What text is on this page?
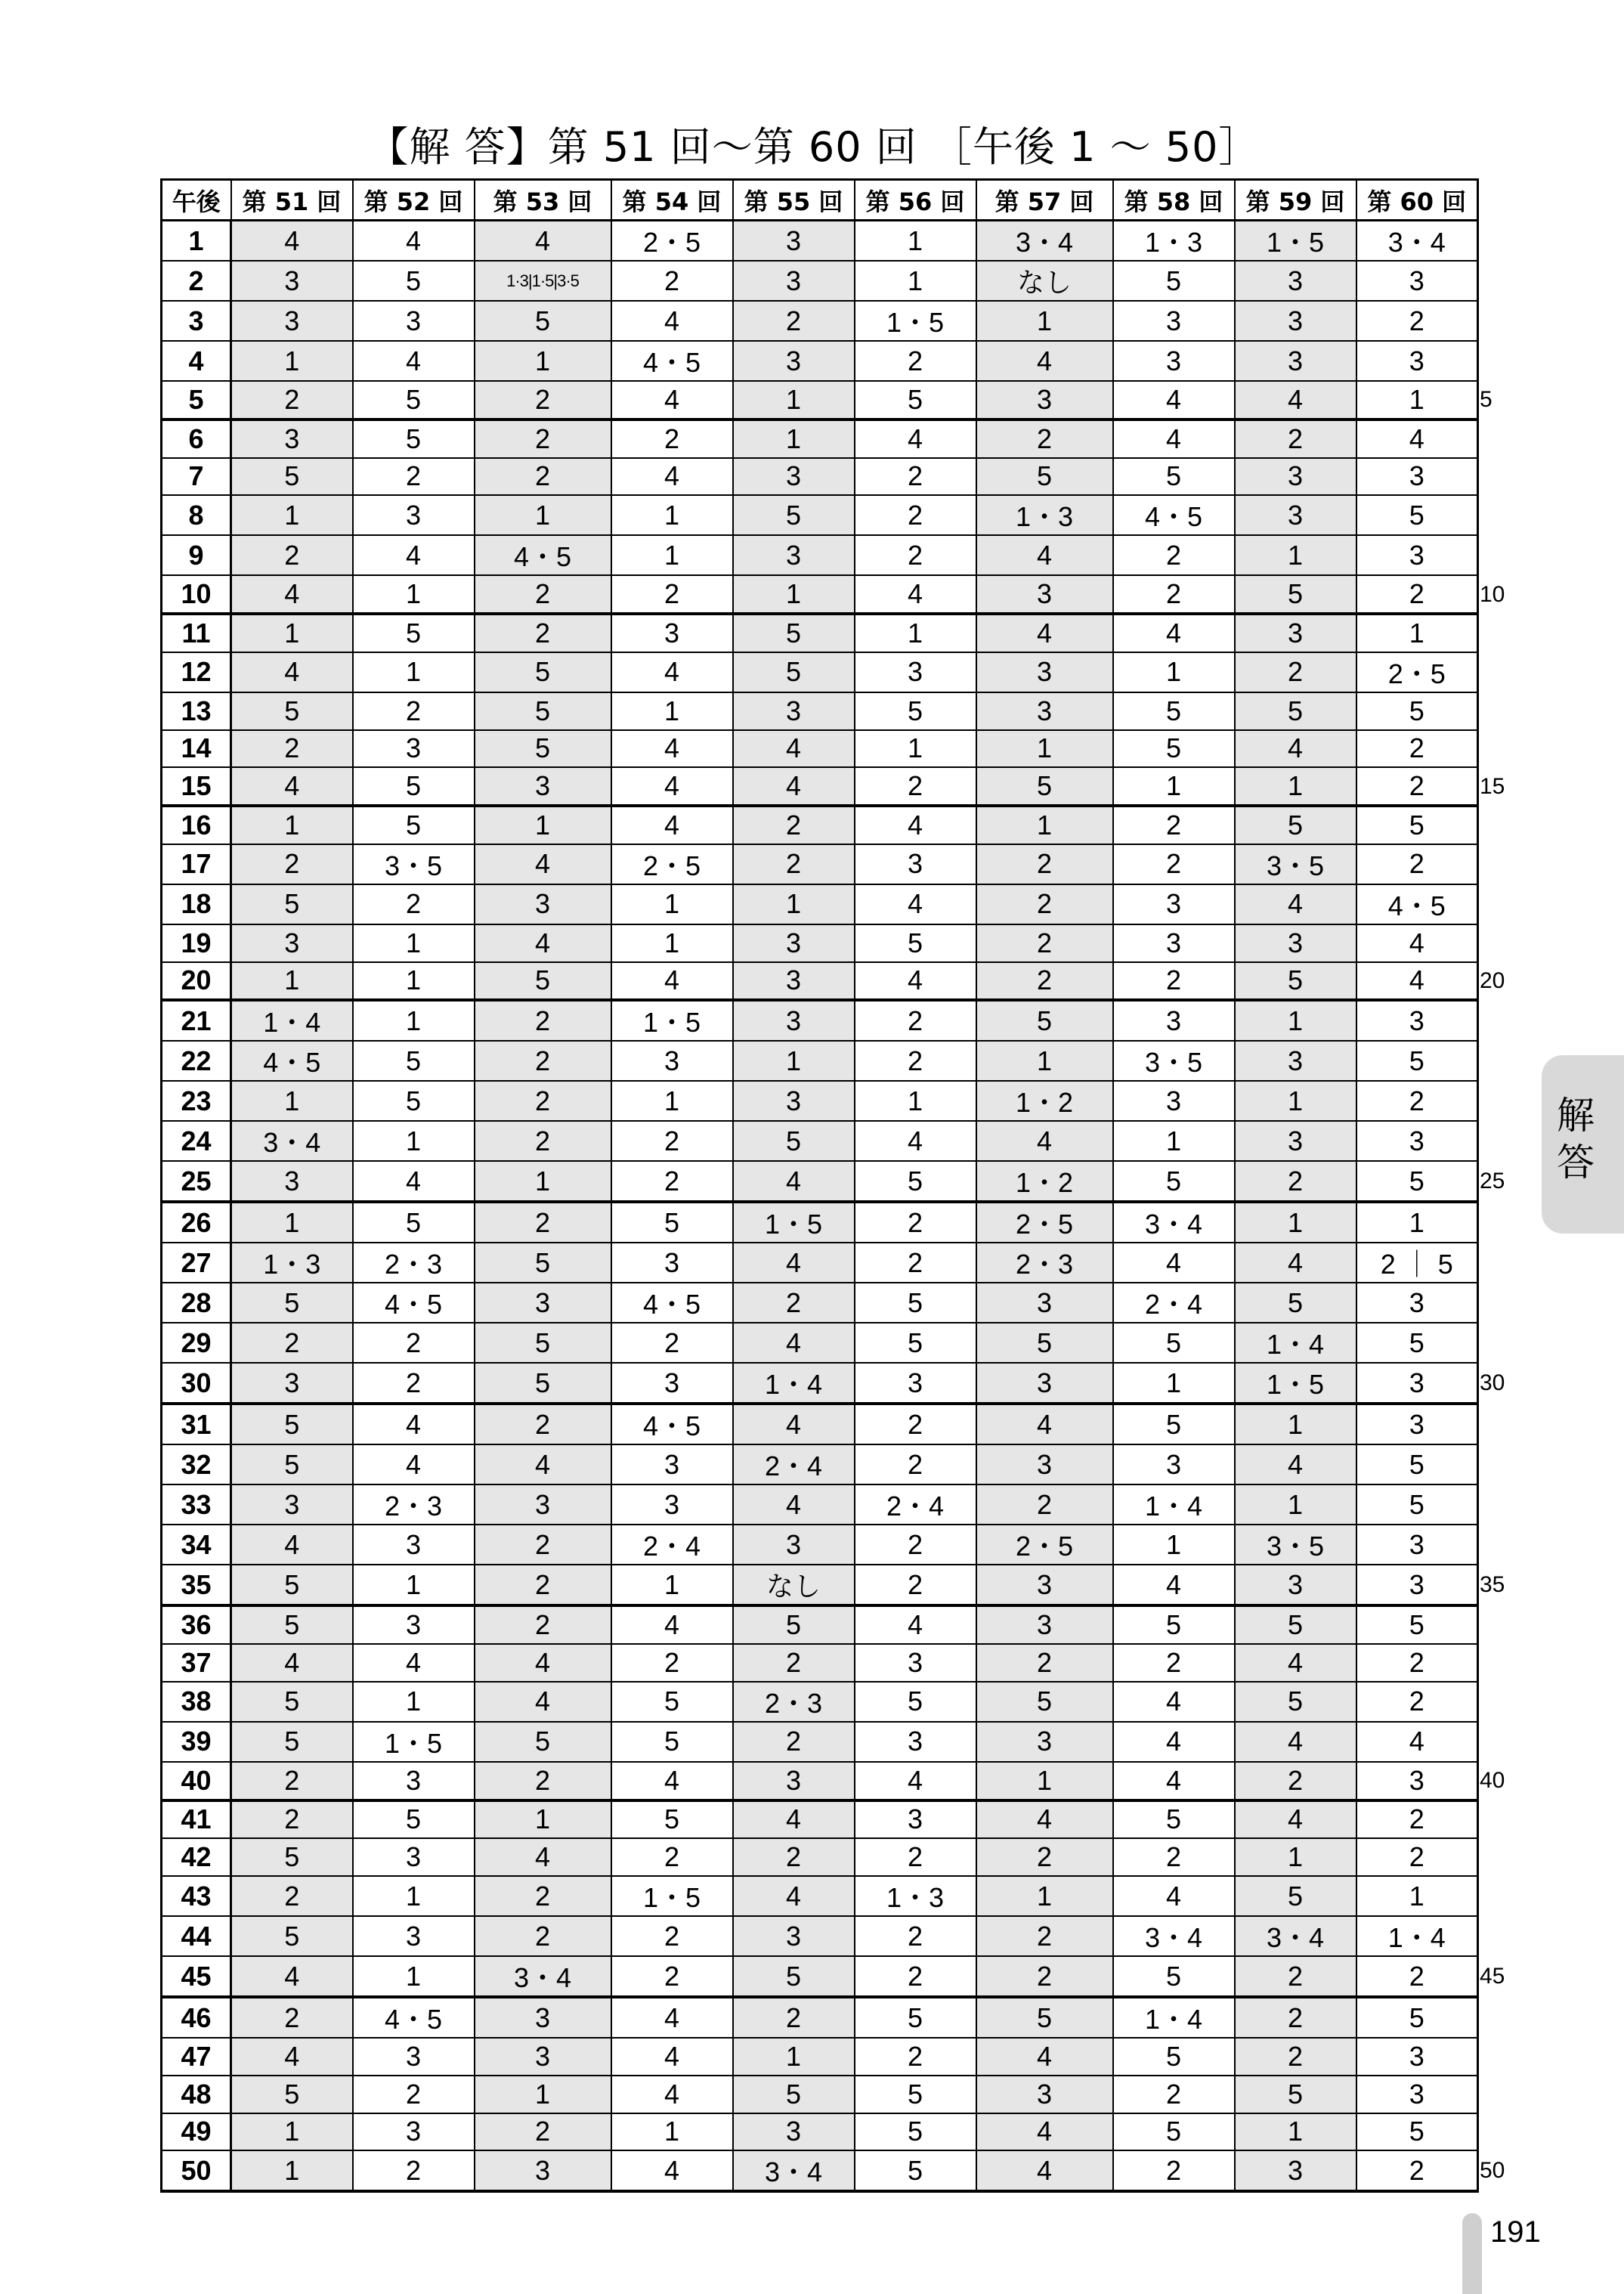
【解 答】第 51 回〜第 60 回 ［午後 1 〜 50］
午後	第 51 回	第 52 回	第 53 回	第 54 回	第 55 回	第 56 回	第 57 回	第 58 回	第 59 回	第 60 回
1	4	4	4	2・5	3	1	3・4	1・3	1・5	3・4
2	3	5	1·3|1·5|3·5	2	3	1	なし	5	3	3
3	3	3	5	4	2	1・5	1	3	3	2
4	1	4	1	4・5	3	2	4	3	3	3
5	2	5	2	4	1	5	3	4	4	1
6	3	5	2	2	1	4	2	4	2	4
7	5	2	2	4	3	2	5	5	3	3
8	1	3	1	1	5	2	1・3	4・5	3	5
9	2	4	4・5	1	3	2	4	2	1	3
10	4	1	2	2	1	4	3	2	5	2
11	1	5	2	3	5	1	4	4	3	1
12	4	1	5	4	5	3	3	1	2	2・5
13	5	2	5	1	3	5	3	5	5	5
14	2	3	5	4	4	1	1	5	4	2
15	4	5	3	4	4	2	5	1	1	2
16	1	5	1	4	2	4	1	2	5	5
17	2	3・5	4	2・5	2	3	2	2	3・5	2
18	5	2	3	1	1	4	2	3	4	4・5
19	3	1	4	1	3	5	2	3	3	4
20	1	1	5	4	3	4	2	2	5	4
21	1・4	1	2	1・5	3	2	5	3	1	3
22	4・5	5	2	3	1	2	1	3・5	3	5
23	1	5	2	1	3	1	1・2	3	1	2
24	3・4	1	2	2	5	4	4	1	3	3
25	3	4	1	2	4	5	1・2	5	2	5
26	1	5	2	5	1・5	2	2・5	3・4	1	1
27	1・3	2・3	5	3	4	2	2・3	4	4	2 ｜ 5
28	5	4・5	3	4・5	2	5	3	2・4	5	3
29	2	2	5	2	4	5	5	5	1・4	5
30	3	2	5	3	1・4	3	3	1	1・5	3
31	5	4	2	4・5	4	2	4	5	1	3
32	5	4	4	3	2・4	2	3	3	4	5
33	3	2・3	3	3	4	2・4	2	1・4	1	5
34	4	3	2	2・4	3	2	2・5	1	3・5	3
35	5	1	2	1	なし	2	3	4	3	3
36	5	3	2	4	5	4	3	5	5	5
37	4	4	4	2	2	3	2	2	4	2
38	5	1	4	5	2・3	5	5	4	5	2
39	5	1・5	5	5	2	3	3	4	4	4
40	2	3	2	4	3	4	1	4	2	3
41	2	5	1	5	4	3	4	5	4	2
42	5	3	4	2	2	2	2	2	1	2
43	2	1	2	1・5	4	1・3	1	4	5	1
44	5	3	2	2	3	2	2	3・4	3・4	1・4
45	4	1	3・4	2	5	2	2	5	2	2
46	2	4・5	3	4	2	5	5	1・4	2	5
47	4	3	3	4	1	2	4	5	2	3
48	5	2	1	4	5	5	3	2	5	3
49	1	3	2	1	3	5	4	5	1	5
50	1	2	3	4	3・4	5	4	2	3	2
5
10
15
20
25
30
35
40
45
50
解
答
191
